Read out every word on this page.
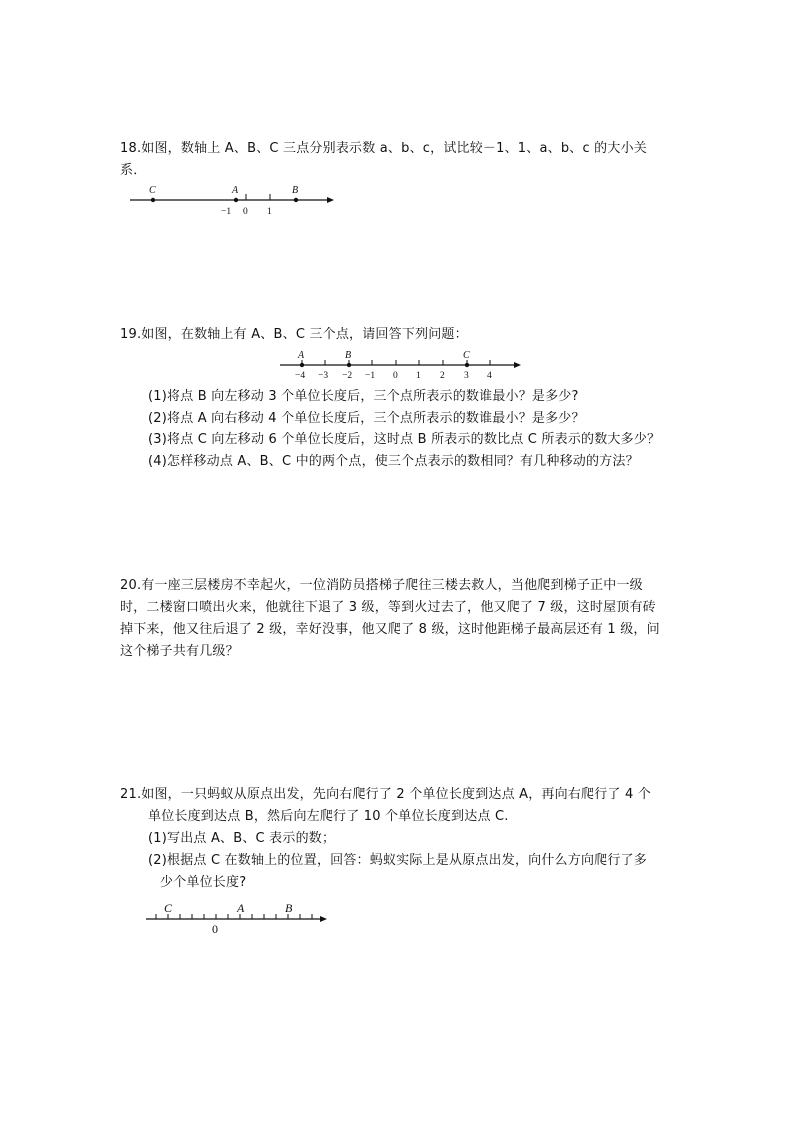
18.如图，数轴上 A、B、C 三点分别表示数 a、b、c，试比较－1、1、a、b、c 的大小关
系．
C	A	B
−1 0 1
19.如图，在数轴上有 A、B、C 三个点，请回答下列问题：
A	B	C
−4 −3 −2 −1 0 1 2 3 4
(1)将点 B 向左移动 3 个单位长度后，三个点所表示的数谁最小？是多少?
(2)将点 A 向右移动 4 个单位长度后，三个点所表示的数谁最小？是多少？
(3)将点 C 向左移动 6 个单位长度后，这时点 B 所表示的数比点 C 所表示的数大多少？
(4)怎样移动点 A、B、C 中的两个点，使三个点表示的数相同？有几种移动的方法？
20.有一座三层楼房不幸起火，一位消防员搭梯子爬往三楼去救人，当他爬到梯子正中一级
时，二楼窗口喷出火来，他就往下退了 3 级，等到火过去了，他又爬了 7 级，这时屋顶有砖
掉下来，他又往后退了 2 级，幸好没事，他又爬了 8 级，这时他距梯子最高层还有 1 级，问
这个梯子共有几级？
21.如图，一只蚂蚁从原点出发，先向右爬行了 2 个单位长度到达点 A，再向右爬行了 4 个
单位长度到达点 B，然后向左爬行了 10 个单位长度到达点 C.
(1)写出点 A、B、C 表示的数；
(2)根据点 C 在数轴上的位置，回答：蚂蚁实际上是从原点出发，向什么方向爬行了多
少个单位长度?
C	A	B
0
